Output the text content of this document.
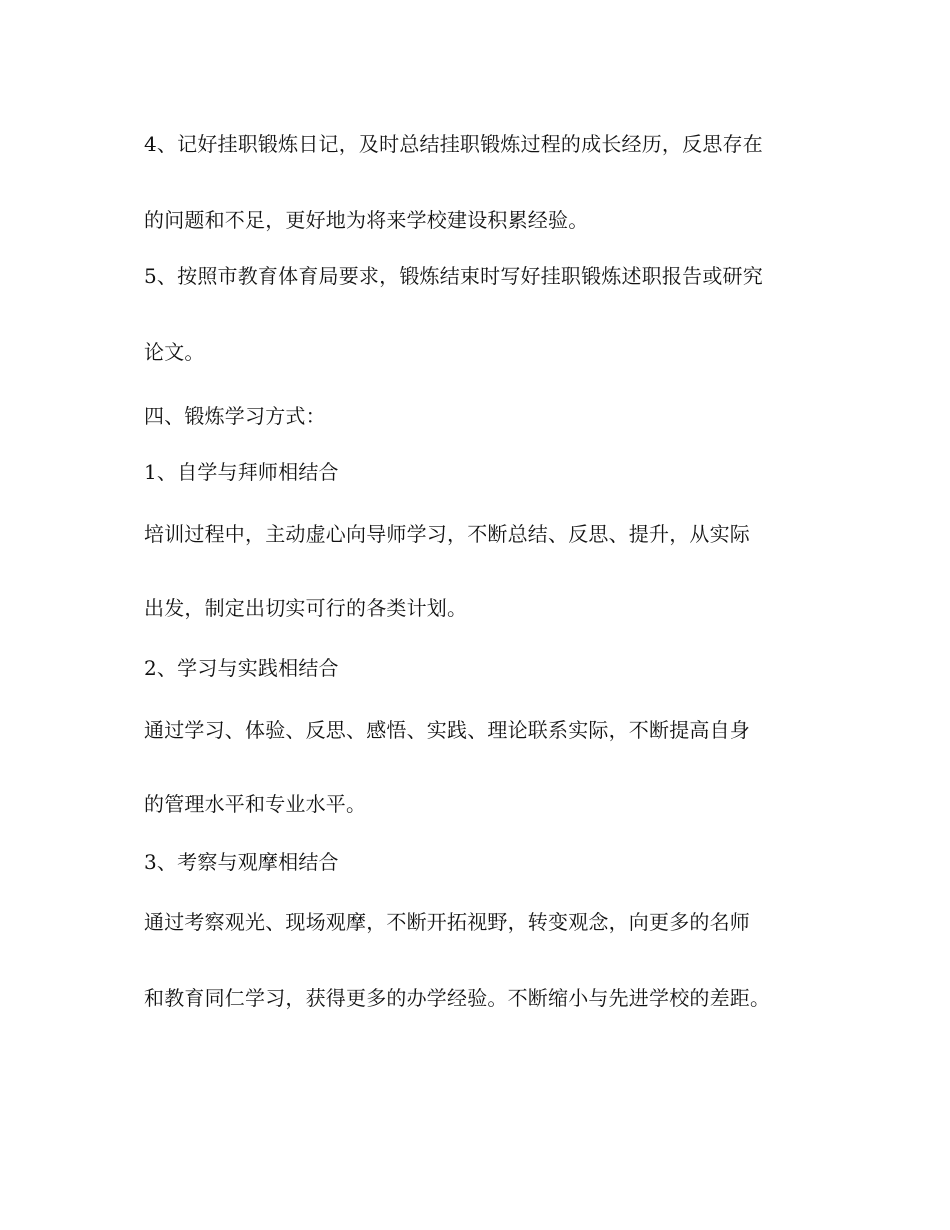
4、记好挂职锻炼日记，及时总结挂职锻炼过程的成长经历，反思存在
的问题和不足，更好地为将来学校建设积累经验。
5、按照市教育体育局要求，锻炼结束时写好挂职锻炼述职报告或研究
论文。
四、锻炼学习方式：
1、自学与拜师相结合
培训过程中，主动虚心向导师学习，不断总结、反思、提升，从实际
出发，制定出切实可行的各类计划。
2、学习与实践相结合
通过学习、体验、反思、感悟、实践、理论联系实际，不断提高自身
的管理水平和专业水平。
3、考察与观摩相结合
通过考察观光、现场观摩，不断开拓视野，转变观念，向更多的名师
和教育同仁学习，获得更多的办学经验。不断缩小与先进学校的差距。
